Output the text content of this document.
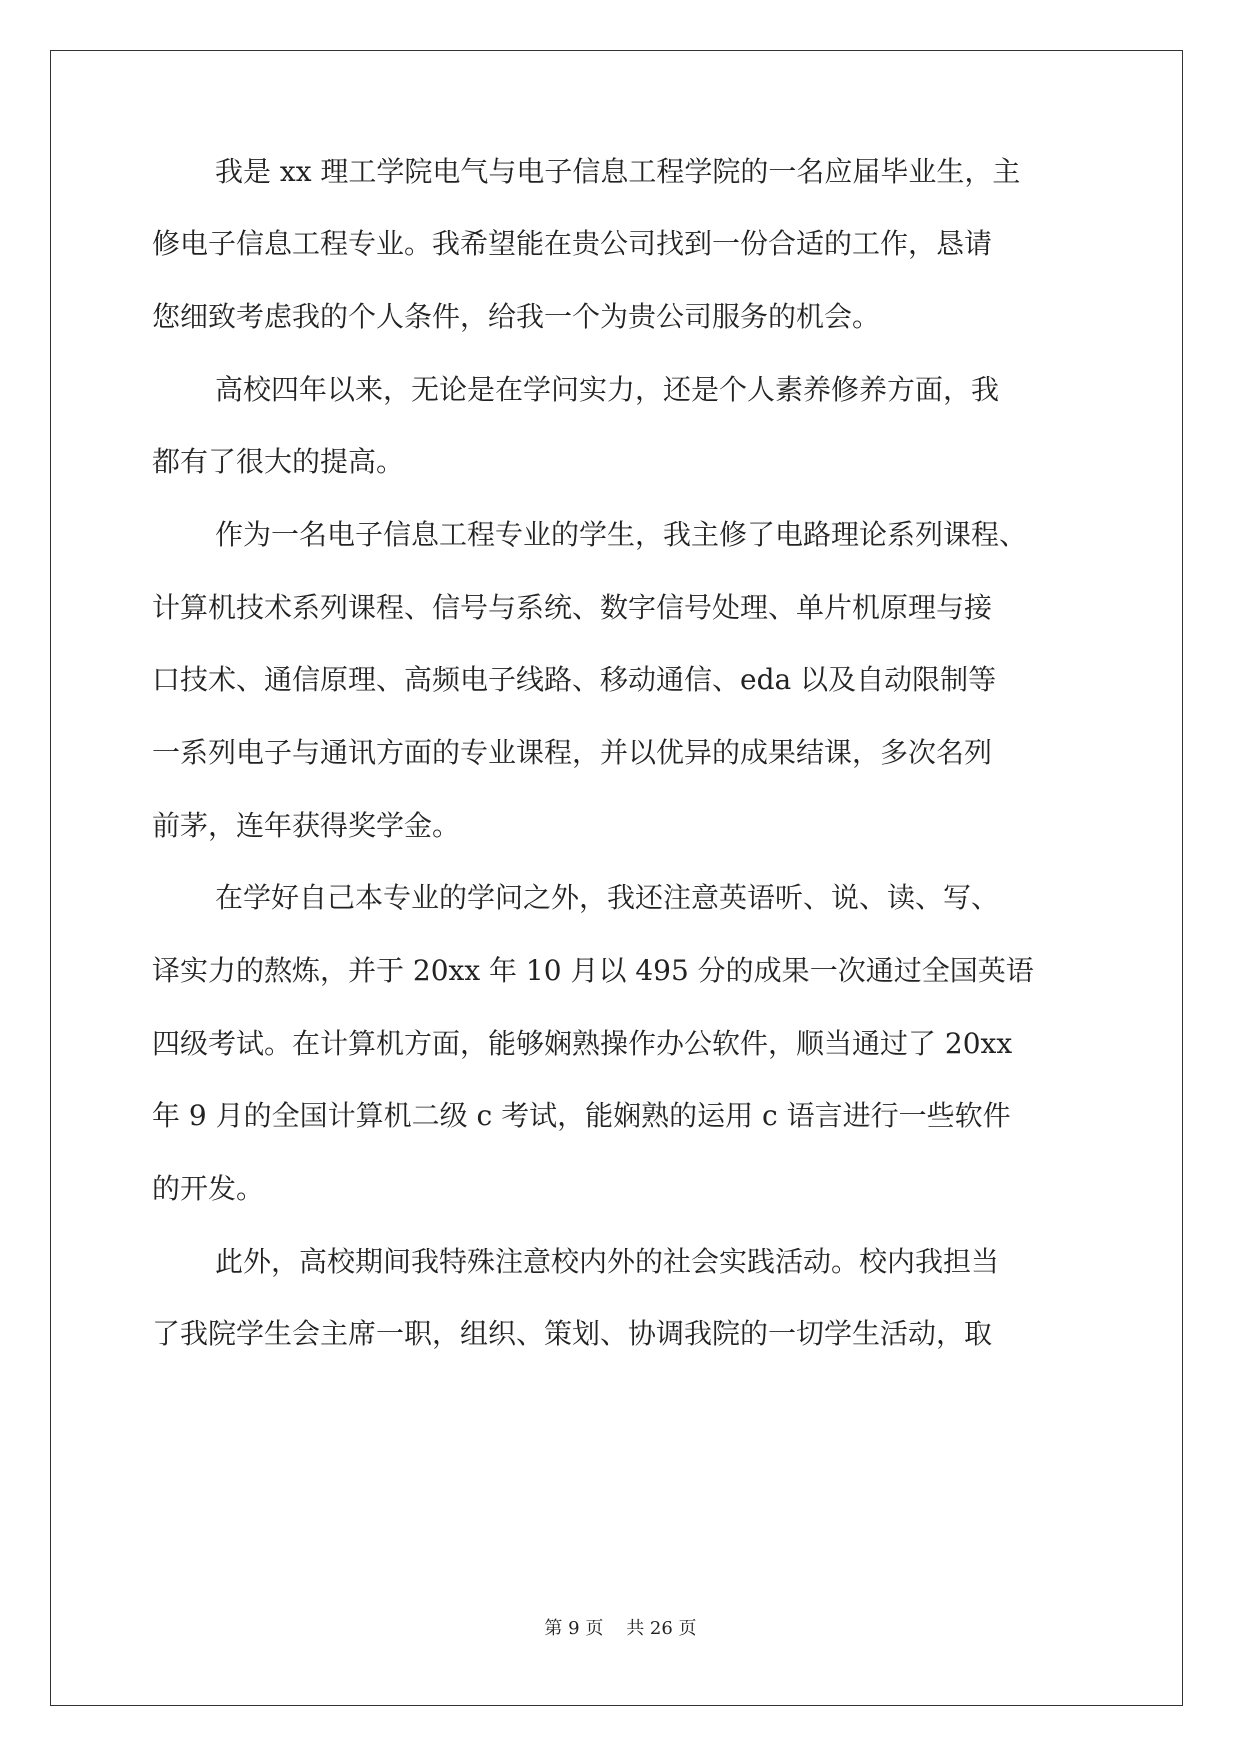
我是 xx 理工学院电气与电子信息工程学院的一名应届毕业生，主
修电子信息工程专业。我希望能在贵公司找到一份合适的工作，恳请
您细致考虑我的个人条件，给我一个为贵公司服务的机会。
高校四年以来，无论是在学问实力，还是个人素养修养方面，我
都有了很大的提高。
作为一名电子信息工程专业的学生，我主修了电路理论系列课程、
计算机技术系列课程、信号与系统、数字信号处理、单片机原理与接
口技术、通信原理、高频电子线路、移动通信、eda 以及自动限制等
一系列电子与通讯方面的专业课程，并以优异的成果结课，多次名列
前茅，连年获得奖学金。
在学好自己本专业的学问之外，我还注意英语听、说、读、写、
译实力的熬炼，并于 20xx 年 10 月以 495 分的成果一次通过全国英语
四级考试。在计算机方面，能够娴熟操作办公软件，顺当通过了 20xx
年 9 月的全国计算机二级 c 考试，能娴熟的运用 c 语言进行一些软件
的开发。
此外，高校期间我特殊注意校内外的社会实践活动。校内我担当
了我院学生会主席一职，组织、策划、协调我院的一切学生活动，取
第 9 页    共 26 页
